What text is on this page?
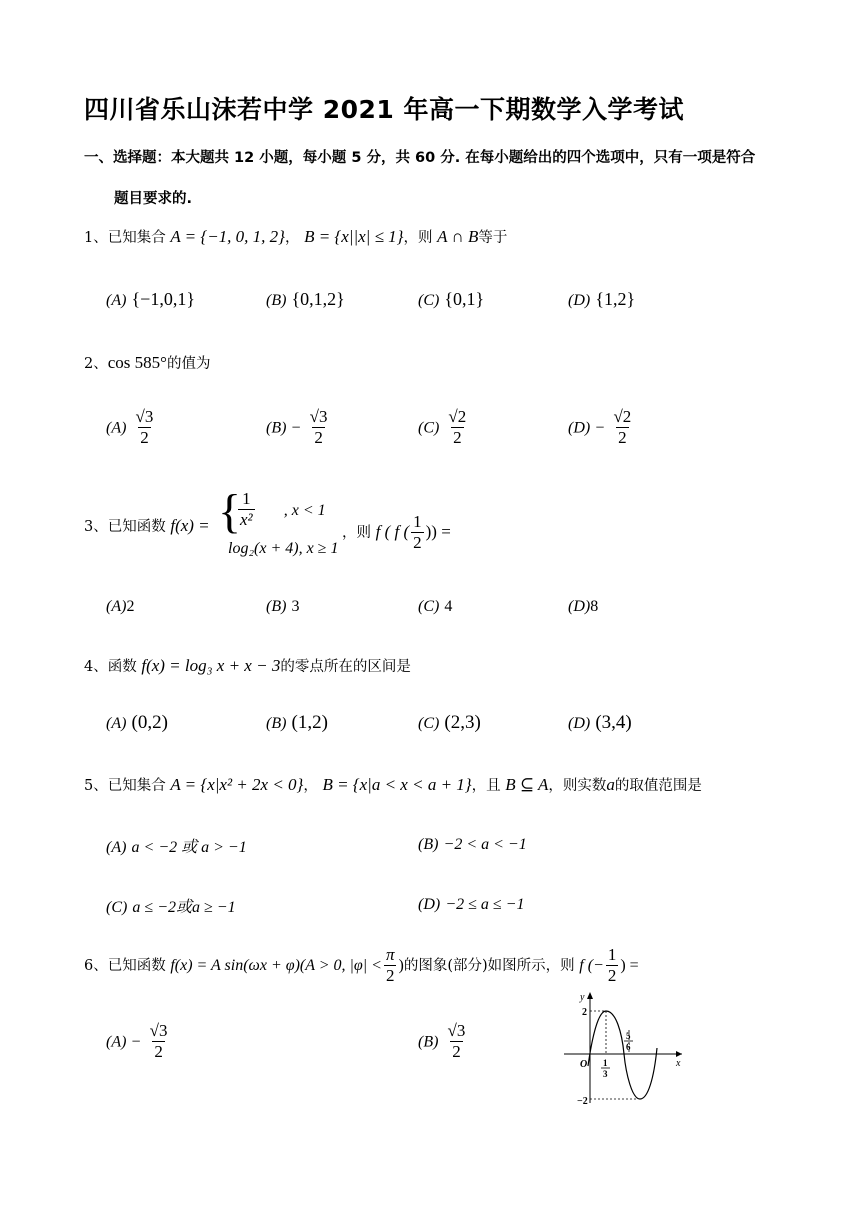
四川省乐山沫若中学 2021 年高一下期数学入学考试
一、选择题：本大题共 12 小题，每小题 5 分，共 60 分. 在每小题给出的四个选项中，只有一项是符合
题目要求的.
1、已知集合 A = {−1, 0, 1, 2}， B = {x||x| ≤ 1}，则 A ∩ B等于
(A) {−1,0,1}	(B) {0,1,2}	(C) {0,1}	(D) {1,2}
2、cos 585°的值为
$(A) \frac{√3}{2}$	$(B) - \frac{√3}{2}$	$(C) \frac{√2}{2}$	$(D) - \frac{√2}{2}$
3、已知函数 f(x) = {
$\frac{1}{\text{x²}}$ , x < 1
log₂(x + 4), x ≥ 1
，则 f ( f ( $\frac{1}{2}$ )) =
(A)2	(B) 3	(C) 4	(D)8
4、函数 f(x) = log₃ x + x − 3的零点所在的区间是
(A) (0,2)	(B) (1,2)	(C) (2,3)	(D) (3,4)
5、已知集合 A = {x|x² + 2x < 0}， B = {x|a < x < a + 1}，且 B ⊆ A，则实数a的取值范围是
(A) a < −2 或 a > −1	(B) −2 < a < −1
(C) a ≤ −2或a ≥ −1	(D) −2 ≤ a ≤ −1
6、已知函数 f(x) = A sin(ωx + φ)(A > 0, $|\varphi| < \frac{\pi}{2}$ )的图象(部分)如图所示，则 f (− $\frac{1}{2}$ ) =
$(A) - \frac{√3}{2}$	$(B) \frac{√3}{2}$
y
x
O
2
−2
1
3
5
6
